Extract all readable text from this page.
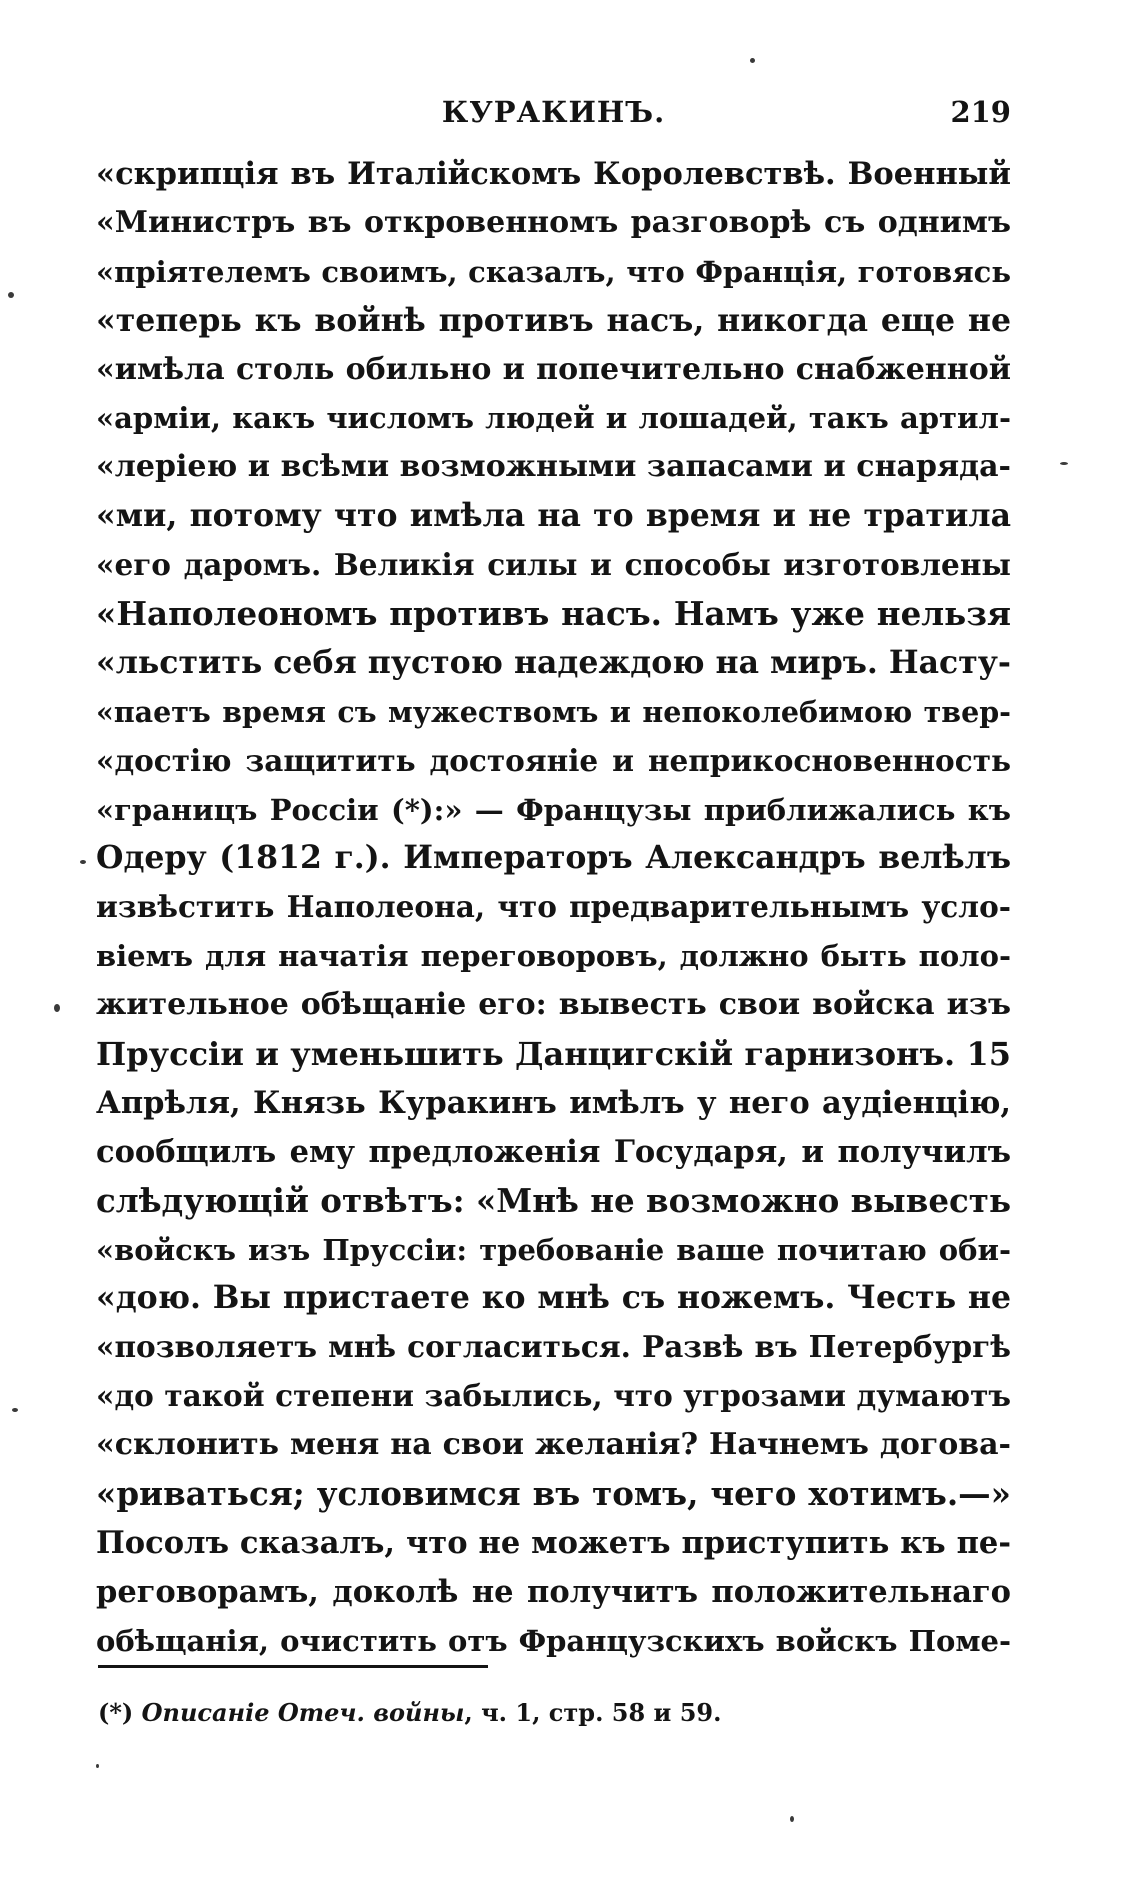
КУРАКИНЪ.	219
«скрипція въ Италійскомъ Королевствѣ. Военный
«Министръ въ откровенномъ разговорѣ съ однимъ
«пріятелемъ своимъ, сказалъ, что Франція, готовясь
«теперь къ войнѣ противъ насъ, никогда еще не
«имѣла столь обильно и попечительно снабженной
«арміи, какъ числомъ людей и лошадей, такъ артил-
«леріею и всѣми возможными запасами и снаряда-
«ми, потому что имѣла на то время и не тратила
«его даромъ. Великія силы и способы изготовлены
«Наполеономъ противъ насъ. Намъ уже нельзя
«льстить себя пустою надеждою на миръ. Насту-
«паетъ время съ мужествомъ и непоколебимою твер-
«достію защитить достояніе и неприкосновенность
«границъ Россіи (*):» — Французы приближались къ
Одеру (1812 г.). Императоръ Александръ велѣлъ
извѣстить Наполеона, что предварительнымъ усло-
віемъ для начатія переговоровъ, должно быть поло-
жительное обѣщаніе его: вывесть свои войска изъ
Пруссіи и уменьшить Данцигскій гарнизонъ. 15
Апрѣля, Князь Куракинъ имѣлъ у него аудіенцію,
сообщилъ ему предложенія Государя, и получилъ
слѣдующій отвѣтъ: «Мнѣ не возможно вывесть
«войскъ изъ Пруссіи: требованіе ваше почитаю оби-
«дою. Вы пристаете ко мнѣ съ ножемъ. Честь не
«позволяетъ мнѣ согласиться. Развѣ въ Петербургѣ
«до такой степени забылись, что угрозами думаютъ
«склонить меня на свои желанія? Начнемъ догова-
«риваться; условимся въ томъ, чего хотимъ.—»
Посолъ сказалъ, что не можетъ приступить къ пе-
реговорамъ, доколѣ не получитъ положительнаго
обѣщанія, очистить отъ Французскихъ войскъ Поме-
(*) Описаніе Отеч. войны, ч. 1, стр. 58 и 59.
